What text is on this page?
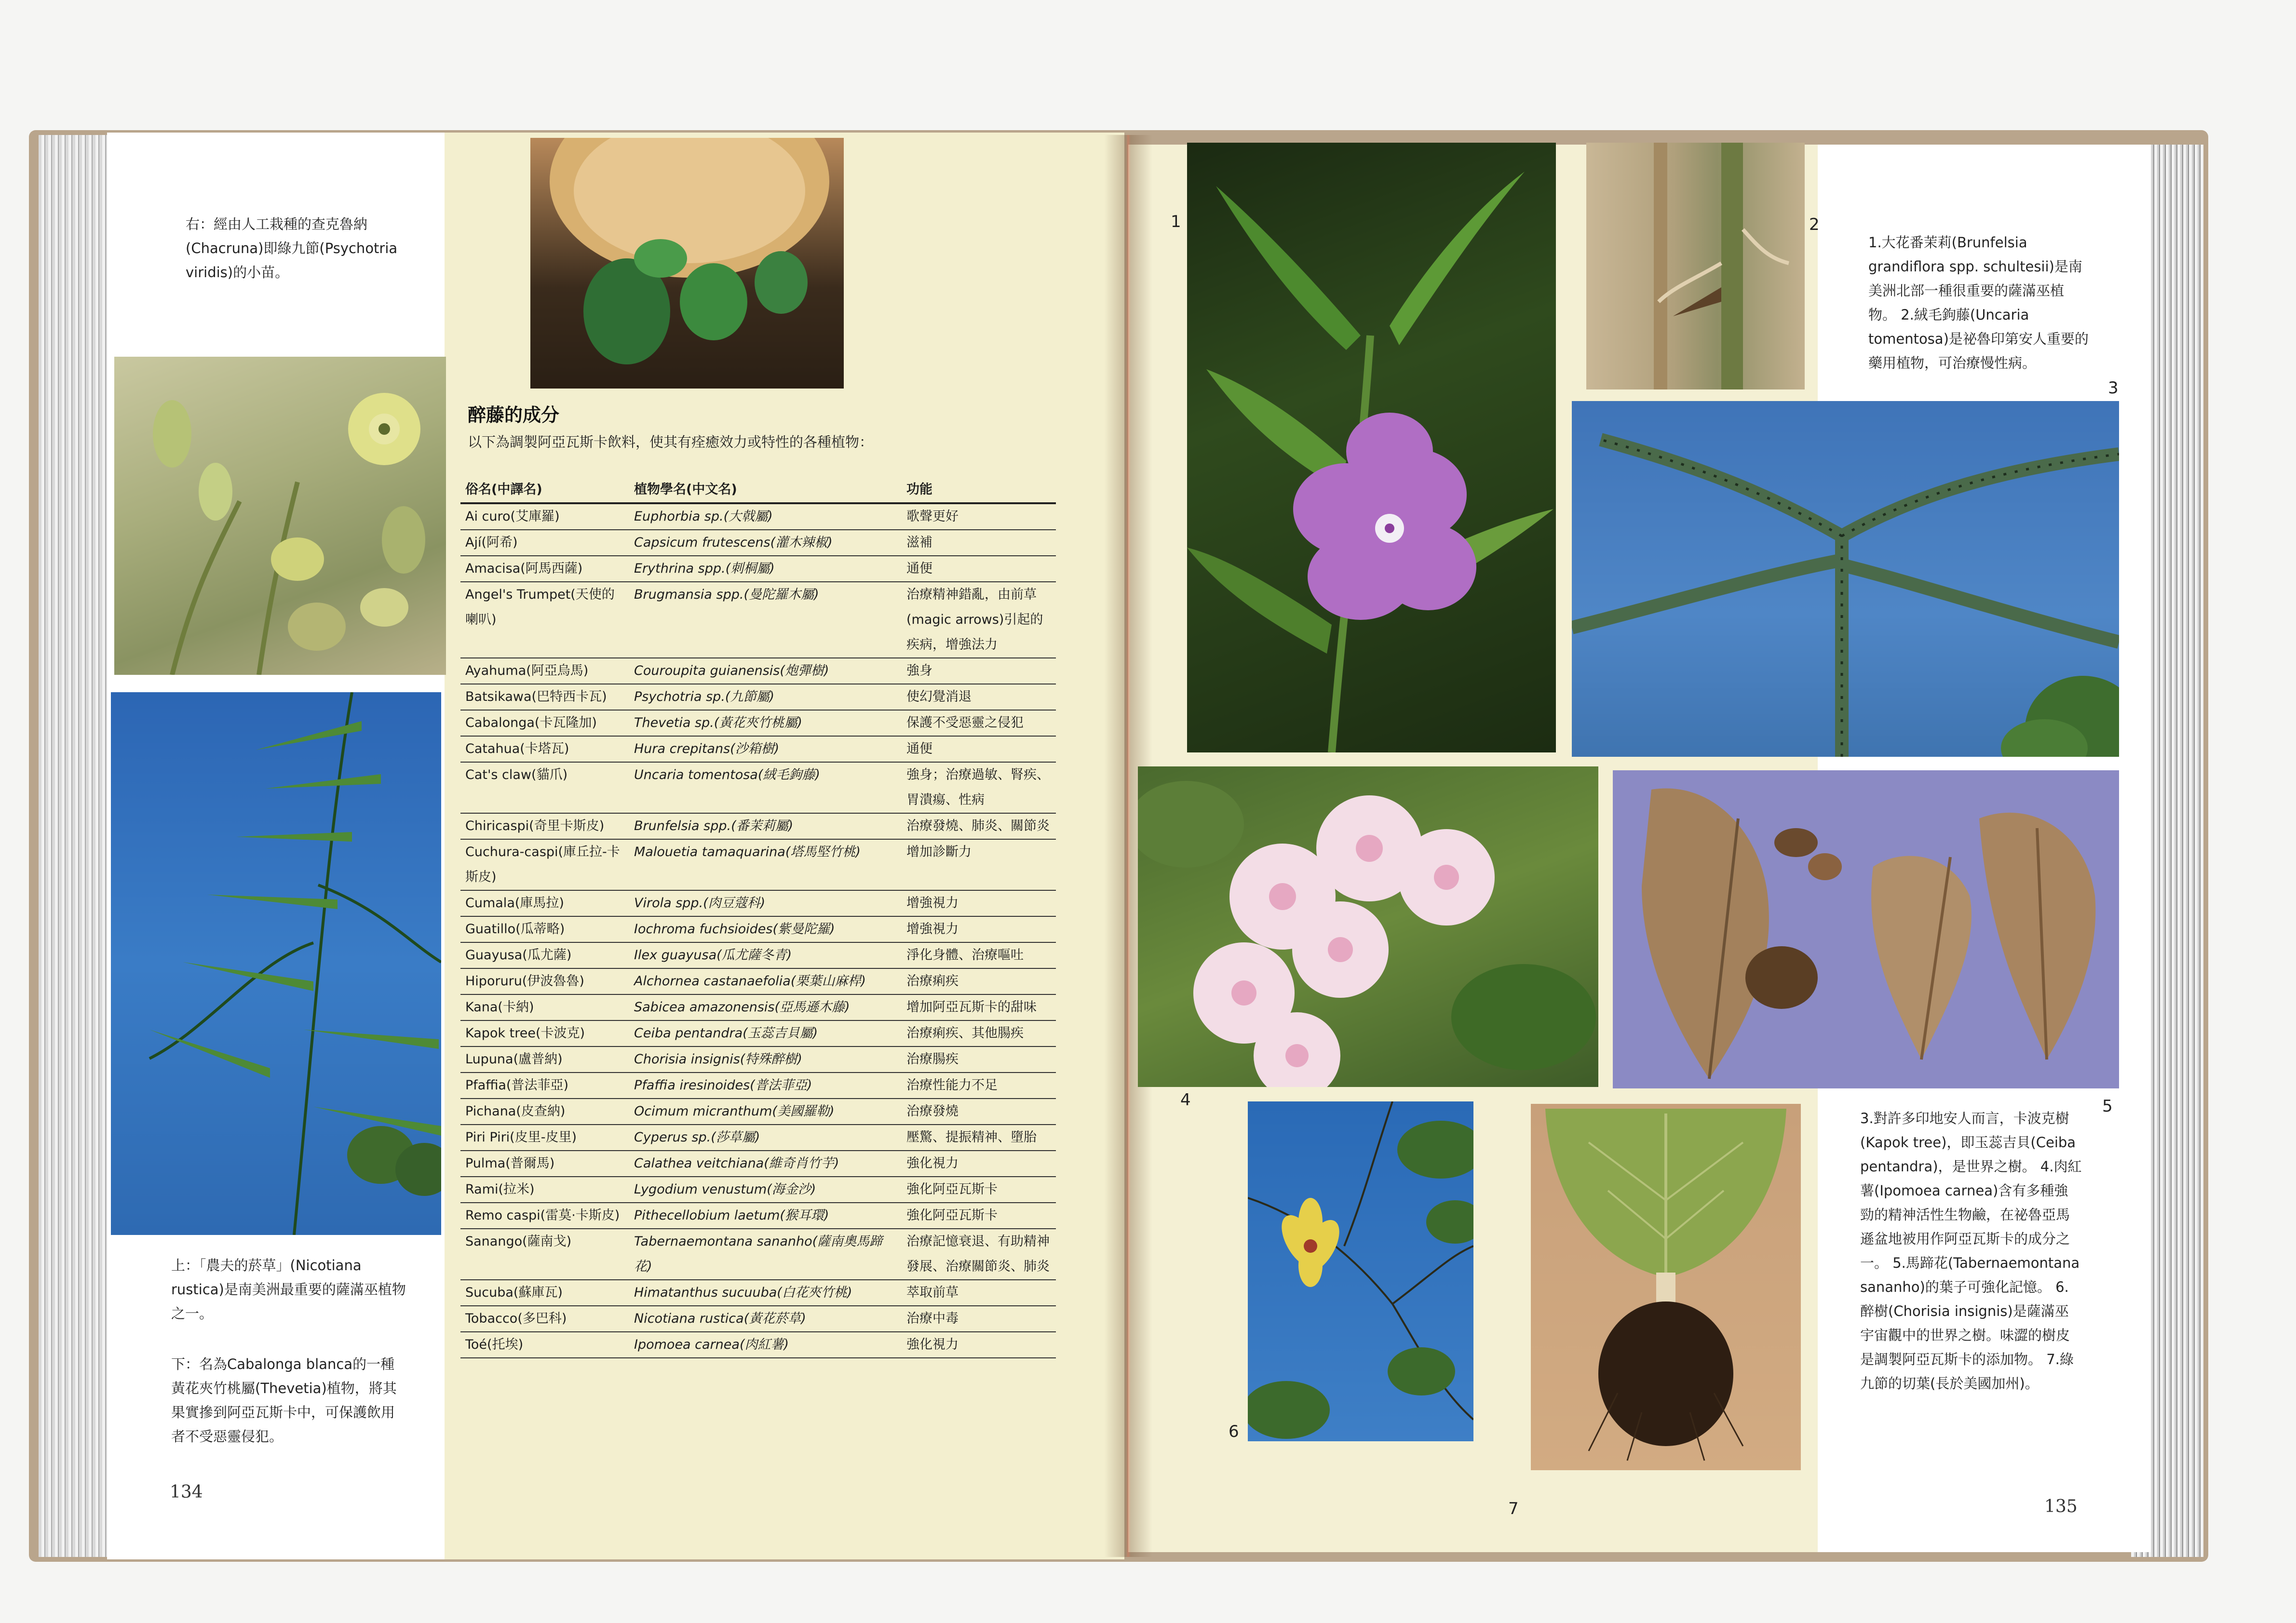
右：經由人工栽種的查克魯納(Chacruna)即綠九節(Psychotria viridis)的小苗。
上：「農夫的菸草」(Nicotiana rustica)是南美洲最重要的薩滿巫植物之一。
下：名為Cabalonga blanca的一種黃花夾竹桃屬(Thevetia)植物，將其果實摻到阿亞瓦斯卡中，可保護飲用者不受惡靈侵犯。
134
醉藤的成分
以下為調製阿亞瓦斯卡飲料，使其有痊癒效力或特性的各種植物：
俗名(中譯名)	植物學名(中文名)	功能
Ai curo(艾庫羅)	Euphorbia sp.(大戟屬)	歌聲更好
Ají(阿希)	Capsicum frutescens(灌木辣椒)	滋補
Amacisa(阿馬西薩)	Erythrina spp.(刺桐屬)	通便
Angel's Trumpet(天使的喇叭)	Brugmansia spp.(曼陀羅木屬)	治療精神錯亂，由前草(magic arrows)引起的疾病，增強法力
Ayahuma(阿亞烏馬)	Couroupita guianensis(炮彈樹)	強身
Batsikawa(巴特西卡瓦)	Psychotria sp.(九節屬)	使幻覺消退
Cabalonga(卡瓦隆加)	Thevetia sp.(黃花夾竹桃屬)	保護不受惡靈之侵犯
Catahua(卡塔瓦)	Hura crepitans(沙箱樹)	通便
Cat's claw(貓爪)	Uncaria tomentosa(絨毛鉤藤)	強身；治療過敏、腎疾、胃潰瘍、性病
Chiricaspi(奇里卡斯皮)	Brunfelsia spp.(番茉莉屬)	治療發燒、肺炎、關節炎
Cuchura-caspi(庫丘拉-卡斯皮)	Malouetia tamaquarina(塔馬堅竹桃)	增加診斷力
Cumala(庫馬拉)	Virola spp.(肉豆蔻科)	增強視力
Guatillo(瓜蒂略)	Iochroma fuchsioides(紫曼陀羅)	增強視力
Guayusa(瓜尤薩)	Ilex guayusa(瓜尤薩冬青)	淨化身體、治療嘔吐
Hiporuru(伊波魯魯)	Alchornea castanaefolia(栗葉山麻桿)	治療痢疾
Kana(卡納)	Sabicea amazonensis(亞馬遜木藤)	增加阿亞瓦斯卡的甜味
Kapok tree(卡波克)	Ceiba pentandra(玉蕊吉貝屬)	治療痢疾、其他腸疾
Lupuna(盧普納)	Chorisia insignis(特殊醉樹)	治療腸疾
Pfaffia(普法菲亞)	Pfaffia iresinoides(普法菲亞)	治療性能力不足
Pichana(皮查納)	Ocimum micranthum(美國羅勒)	治療發燒
Piri Piri(皮里-皮里)	Cyperus sp.(莎草屬)	壓驚、提振精神、墮胎
Pulma(普爾馬)	Calathea veitchiana(維奇肖竹芋)	強化視力
Rami(拉米)	Lygodium venustum(海金沙)	強化阿亞瓦斯卡
Remo caspi(雷莫·卡斯皮)	Pithecellobium laetum(猴耳環)	強化阿亞瓦斯卡
Sanango(薩南戈)	Tabernaemontana sananho(薩南奧馬蹄花)	治療記憶衰退、有助精神發展、治療關節炎、肺炎
Sucuba(蘇庫瓦)	Himatanthus sucuuba(白花夾竹桃)	萃取前草
Tobacco(多巴科)	Nicotiana rustica(黃花菸草)	治療中毒
Toé(托埃)	Ipomoea carnea(肉紅薯)	強化視力
1	2
3
4	5
6
7
1.大花番茉莉(Brunfelsia grandiflora spp. schultesii)是南美洲北部一種很重要的薩滿巫植物。 2.絨毛鉤藤(Uncaria tomentosa)是祕魯印第安人重要的藥用植物，可治療慢性病。
3.對許多印地安人而言，卡波克樹(Kapok tree)，即玉蕊吉貝(Ceiba pentandra)，是世界之樹。 4.肉紅薯(Ipomoea carnea)含有多種強勁的精神活性生物鹼，在祕魯亞馬遜盆地被用作阿亞瓦斯卡的成分之一。 5.馬蹄花(Tabernaemontana sananho)的葉子可強化記憶。 6.醉樹(Chorisia insignis)是薩滿巫宇宙觀中的世界之樹。味澀的樹皮是調製阿亞瓦斯卡的添加物。 7.綠九節的切葉(長於美國加州)。
135
